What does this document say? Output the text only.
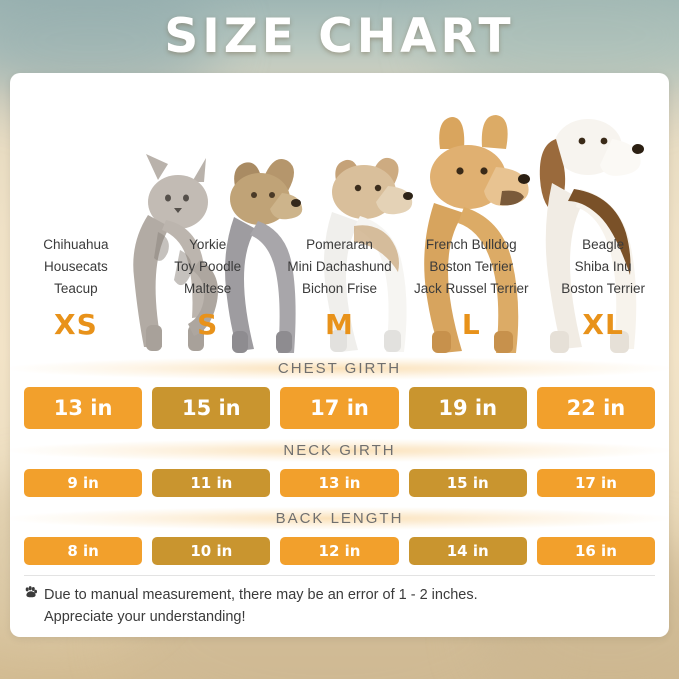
SIZE CHART
Chihuahua
Housecats
Teacup
XS
Yorkie
Toy Poodle
Maltese
S
Pomeraran
Mini Dachashund
Bichon Frise
M
French Bulldog
Boston Terrier
Jack Russel Terrier
L
Beagle
Shiba Inu
Boston Terrier
XL
CHEST GIRTH
13 in	15 in	17 in	19 in	22 in
NECK GIRTH
9 in	11 in	13 in	15 in	17 in
BACK LENGTH
8 in	10 in	12 in	14 in	16 in
Due to manual measurement, there may be an error of 1 - 2 inches.
Appreciate your understanding!
